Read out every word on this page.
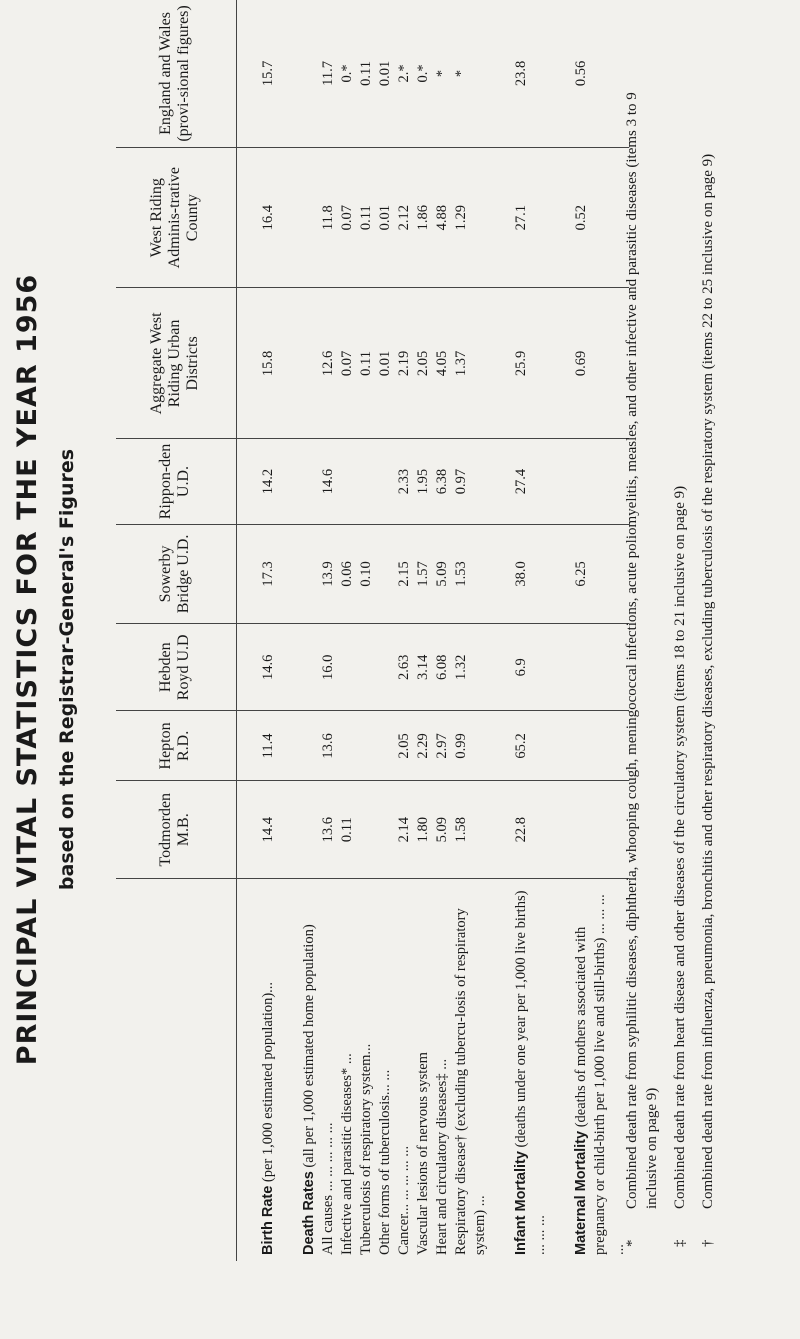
PRINCIPAL VITAL STATISTICS FOR THE YEAR 1956 based on the Registrar-General's Figures
		Todmorden M.B.	Hepton R.D.	Hebden Royd U.D	Sowerby Bridge U.D.	Rippon-den U.D.	Aggregate West Riding Urban Districts	West Riding Adminis-trative County	England and Wales (provi-sional figures)
Birth Rate (per 1,000 estimated population)...	14.4	11.4	14.6	17.3	14.2	15.8	16.4	15.7
Death Rates (all per 1,000 estimated home population)								
All causes ... ... ... ... ...	13.6	13.6	16.0	13.9	14.6	12.6	11.8	11.7
Infective and parasitic diseases* ...	0.11			0.06		0.07	0.07	0.*
Tuberculosis of respiratory system...				0.10		0.11	0.11	0.11
Other forms of tuberculosis... ...						0.01	0.01	0.01
Cancer... ... ... ... ...	2.14	2.05	2.63	2.15	2.33	2.19	2.12	2.*
Vascular lesions of nervous system	1.80	2.29	3.14	1.57	1.95	2.05	1.86	0.*
Heart and circulatory diseases‡ ...	5.09	2.97	6.08	5.09	6.38	4.05	4.88	*
Respiratory disease† (excluding tubercu-losis of respiratory system) ...	1.58	0.99	1.32	1.53	0.97	1.37	1.29	*
Infant Mortality (deaths under one year per 1,000 live births) ... ... ...	22.8	65.2	6.9	38.0	27.4	25.9	27.1	23.8
Maternal Mortality (deaths of mothers associated with pregnancy or child-birth per 1,000 live and still-births) ... ... ... ...				6.25		0.69	0.52	0.56
*
Combined death rate from syphilitic diseases, diphtheria, whooping cough, meningococcal infections, acute poliomyelitis, measles, and other infective and parasitic diseases (items 3 to 9 inclusive on page 9)
‡
Combined death rate from heart disease and other diseases of the circulatory system (items 18 to 21 inclusive on page 9)
†
Combined death rate from influenza, pneumonia, bronchitis and other respiratory diseases, excluding tuberculosis of the respiratory system (items 22 to 25 inclusive on page 9)
